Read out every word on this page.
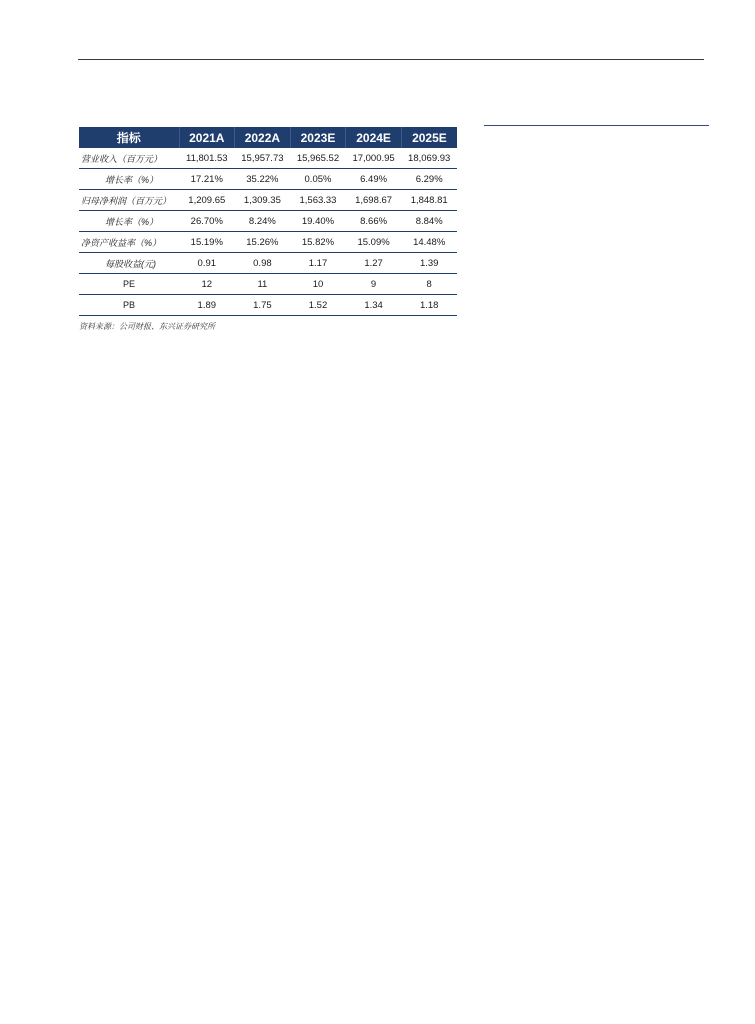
指标	2021A	2022A	2023E	2024E	2025E
营业收入（百万元）	11,801.53	15,957.73	15,965.52	17,000.95	18,069.93
增长率（%）	17.21%	35.22%	0.05%	6.49%	6.29%
归母净利润（百万元）	1,209.65	1,309.35	1,563.33	1,698.67	1,848.81
增长率（%）	26.70%	8.24%	19.40%	8.66%	8.84%
净资产收益率（%）	15.19%	15.26%	15.82%	15.09%	14.48%
每股收益(元)	0.91	0.98	1.17	1.27	1.39
PE	12	11	10	9	8
PB	1.89	1.75	1.52	1.34	1.18
资料来源：公司财报、东兴证券研究所
